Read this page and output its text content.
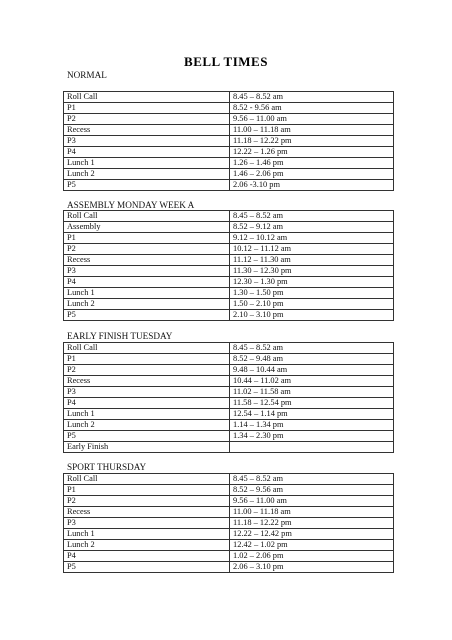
BELL TIMES
NORMAL
Roll Call	8.45 – 8.52 am
P1	8.52 - 9.56 am
P2	9.56 – 11.00 am
Recess	11.00 – 11.18 am
P3	11.18 – 12.22 pm
P4	12.22 – 1.26 pm
Lunch 1	1.26 – 1.46 pm
Lunch 2	1.46 – 2.06 pm
P5	2.06 -3.10 pm
ASSEMBLY MONDAY WEEK A
Roll Call	8.45 – 8.52 am
Assembly	8.52 – 9.12 am
P1	9.12 – 10.12 am
P2	10.12 – 11.12 am
Recess	11.12 – 11.30 am
P3	11.30 – 12.30 pm
P4	12.30 – 1.30 pm
Lunch 1	1.30 – 1.50 pm
Lunch 2	1.50 – 2.10 pm
P5	2.10 – 3.10 pm
EARLY FINISH TUESDAY
Roll Call	8.45 – 8.52 am
P1	8.52 – 9.48 am
P2	9.48 – 10.44 am
Recess	10.44 – 11.02 am
P3	11.02 – 11.58 am
P4	11.58 – 12.54 pm
Lunch 1	12.54 – 1.14 pm
Lunch 2	1.14 – 1.34 pm
P5	1.34 – 2.30 pm
Early Finish	
SPORT THURSDAY
Roll Call	8.45 – 8.52 am
P1	8.52 – 9.56 am
P2	9.56 – 11.00 am
Recess	11.00 – 11.18 am
P3	11.18 – 12.22 pm
Lunch 1	12.22 – 12.42 pm
Lunch 2	12.42 – 1.02 pm
P4	1.02 – 2.06 pm
P5	2.06 – 3.10 pm
